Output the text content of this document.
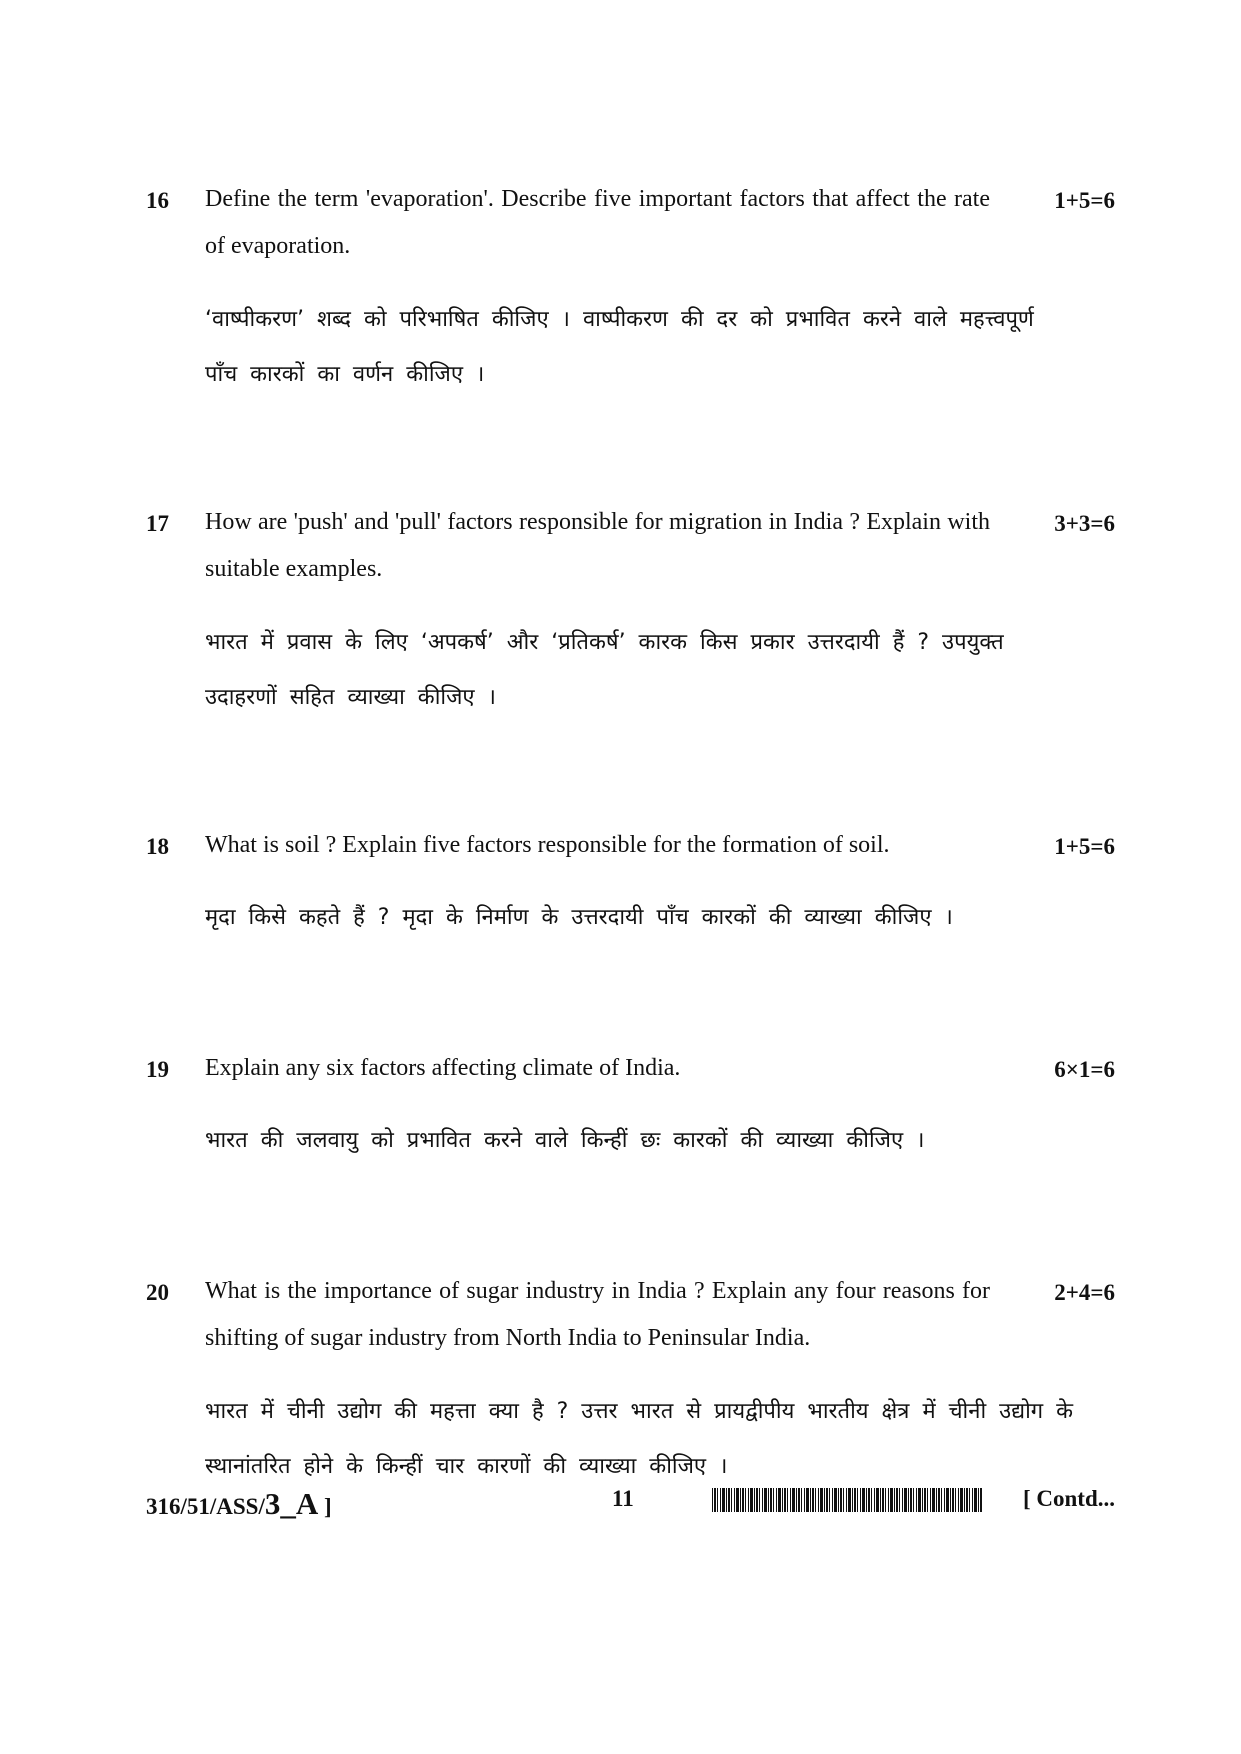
16 Define the term 'evaporation'. Describe five important factors that affect the rate of evaporation.
1+5=6
‘वाष्पीकरण’ शब्द को परिभाषित कीजिए । वाष्पीकरण की दर को प्रभावित करने वाले महत्त्वपूर्ण पाँच कारकों का वर्णन कीजिए ।
17 How are 'push' and 'pull' factors responsible for migration in India ? Explain with suitable examples.
3+3=6
भारत में प्रवास के लिए ‘अपकर्ष’ और ‘प्रतिकर्ष’ कारक किस प्रकार उत्तरदायी हैं ? उपयुक्त उदाहरणों सहित व्याख्या कीजिए ।
18 What is soil ? Explain five factors responsible for the formation of soil.	1+5=6
मृदा किसे कहते हैं ? मृदा के निर्माण के उत्तरदायी पाँच कारकों की व्याख्या कीजिए ।
19 Explain any six factors affecting climate of India.	6×1=6
भारत की जलवायु को प्रभावित करने वाले किन्हीं छः कारकों की व्याख्या कीजिए ।
20 What is the importance of sugar industry in India ? Explain any four reasons for shifting of sugar industry from North India to Peninsular India.
2+4=6
भारत में चीनी उद्योग की महत्ता क्या है ? उत्तर भारत से प्रायद्वीपीय भारतीय क्षेत्र में चीनी उद्योग के स्थानांतरित होने के किन्हीं चार कारणों की व्याख्या कीजिए ।
316/51/ASS/3_A ]	11	[ Contd...
